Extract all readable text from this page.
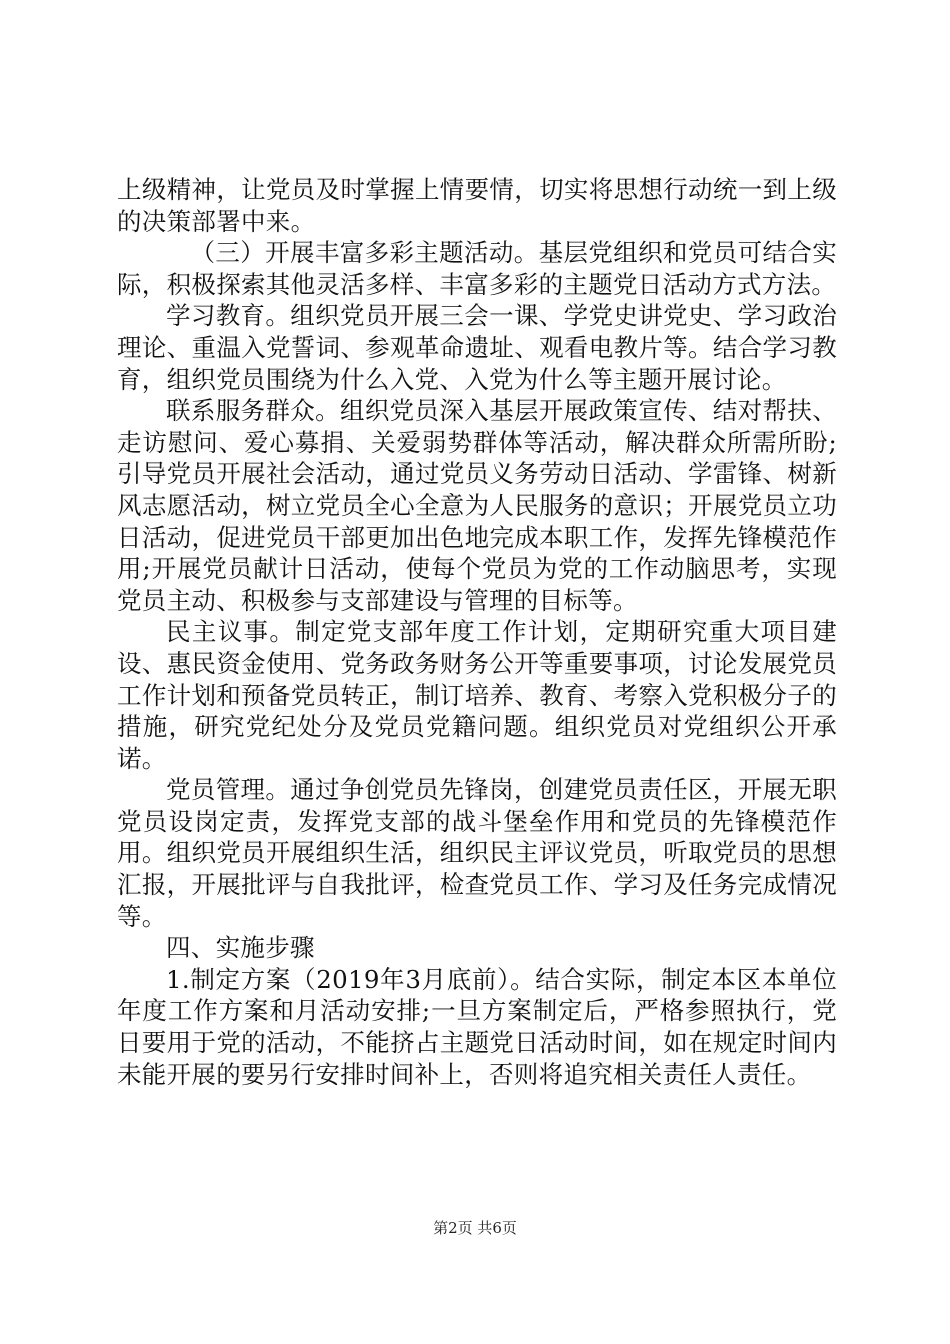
上级精神，让党员及时掌握上情要情，切实将思想行动统一到上级的决策部署中来。

（三）开展丰富多彩主题活动。基层党组织和党员可结合实际，积极探索其他灵活多样、丰富多彩的主题党日活动方式方法。

学习教育。组织党员开展三会一课、学党史讲党史、学习政治理论、重温入党誓词、参观革命遗址、观看电教片等。结合学习教育，组织党员围绕为什么入党、入党为什么等主题开展讨论。

联系服务群众。组织党员深入基层开展政策宣传、结对帮扶、走访慰问、爱心募捐、关爱弱势群体等活动，解决群众所需所盼;引导党员开展社会活动，通过党员义务劳动日活动、学雷锋、树新风志愿活动，树立党员全心全意为人民服务的意识；开展党员立功日活动，促进党员干部更加出色地完成本职工作，发挥先锋模范作用;开展党员献计日活动，使每个党员为党的工作动脑思考，实现党员主动、积极参与支部建设与管理的目标等。

民主议事。制定党支部年度工作计划，定期研究重大项目建设、惠民资金使用、党务政务财务公开等重要事项，讨论发展党员工作计划和预备党员转正，制订培养、教育、考察入党积极分子的措施，研究党纪处分及党员党籍问题。组织党员对党组织公开承诺。

党员管理。通过争创党员先锋岗，创建党员责任区，开展无职党员设岗定责，发挥党支部的战斗堡垒作用和党员的先锋模范作用。组织党员开展组织生活，组织民主评议党员，听取党员的思想汇报，开展批评与自我批评，检查党员工作、学习及任务完成情况等。

四、实施步骤

1.制定方案（2019年3月底前）。结合实际，制定本区本单位年度工作方案和月活动安排;一旦方案制定后，严格参照执行，党日要用于党的活动，不能挤占主题党日活动时间，如在规定时间内未能开展的要另行安排时间补上，否则将追究相关责任人责任。

第2页 共6页
